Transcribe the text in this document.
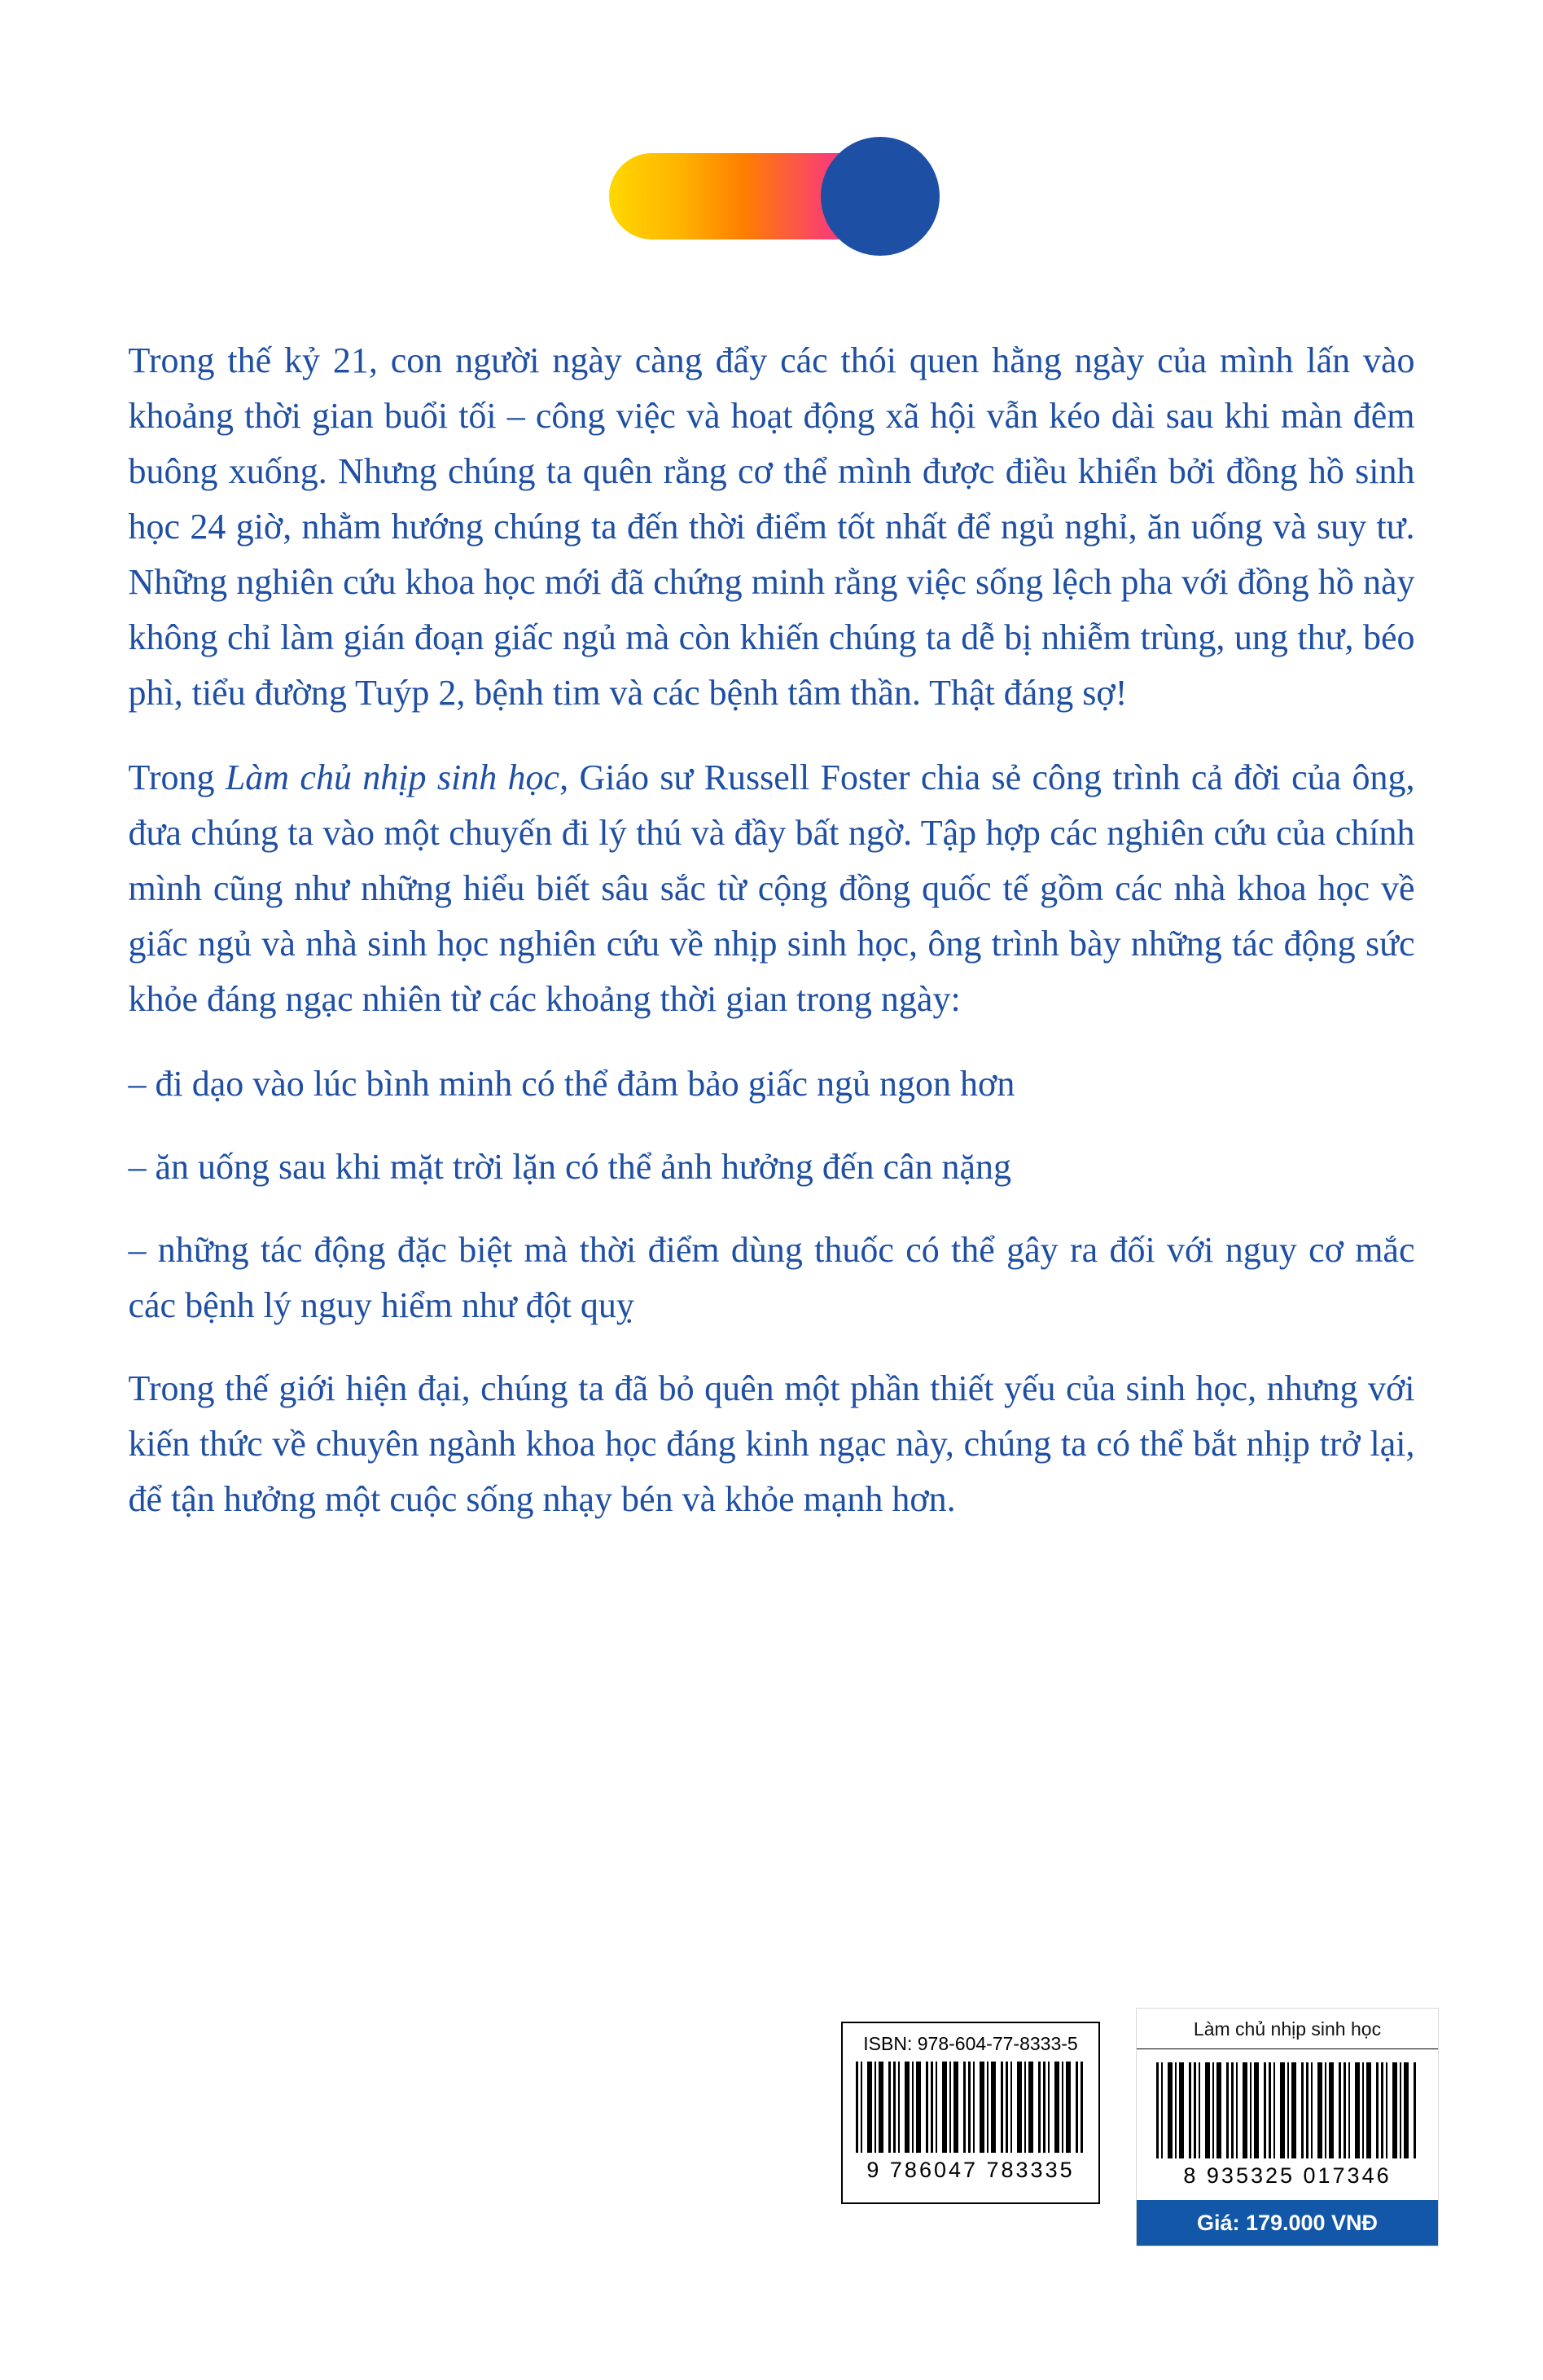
Trong thế kỷ 21, con người ngày càng đẩy các thói quen hằng ngày của mình lấn vào khoảng thời gian buổi tối – công việc và hoạt động xã hội vẫn kéo dài sau khi màn đêm buông xuống. Nhưng chúng ta quên rằng cơ thể mình được điều khiển bởi đồng hồ sinh học 24 giờ, nhằm hướng chúng ta đến thời điểm tốt nhất để ngủ nghỉ, ăn uống và suy tư. Những nghiên cứu khoa học mới đã chứng minh rằng việc sống lệch pha với đồng hồ này không chỉ làm gián đoạn giấc ngủ mà còn khiến chúng ta dễ bị nhiễm trùng, ung thư, béo phì, tiểu đường Tuýp 2, bệnh tim và các bệnh tâm thần. Thật đáng sợ!

Trong Làm chủ nhịp sinh học, Giáo sư Russell Foster chia sẻ công trình cả đời của ông, đưa chúng ta vào một chuyến đi lý thú và đầy bất ngờ. Tập hợp các nghiên cứu của chính mình cũng như những hiểu biết sâu sắc từ cộng đồng quốc tế gồm các nhà khoa học về giấc ngủ và nhà sinh học nghiên cứu về nhịp sinh học, ông trình bày những tác động sức khỏe đáng ngạc nhiên từ các khoảng thời gian trong ngày:

– đi dạo vào lúc bình minh có thể đảm bảo giấc ngủ ngon hơn

– ăn uống sau khi mặt trời lặn có thể ảnh hưởng đến cân nặng

– những tác động đặc biệt mà thời điểm dùng thuốc có thể gây ra đối với nguy cơ mắc các bệnh lý nguy hiểm như đột quỵ

Trong thế giới hiện đại, chúng ta đã bỏ quên một phần thiết yếu của sinh học, nhưng với kiến thức về chuyên ngành khoa học đáng kinh ngạc này, chúng ta có thể bắt nhịp trở lại, để tận hưởng một cuộc sống nhạy bén và khỏe mạnh hơn.

ISBN: 978-604-77-8333-5
9 786047 783335
Làm chủ nhịp sinh học
8 935325 017346
Giá: 179.000 VNĐ
